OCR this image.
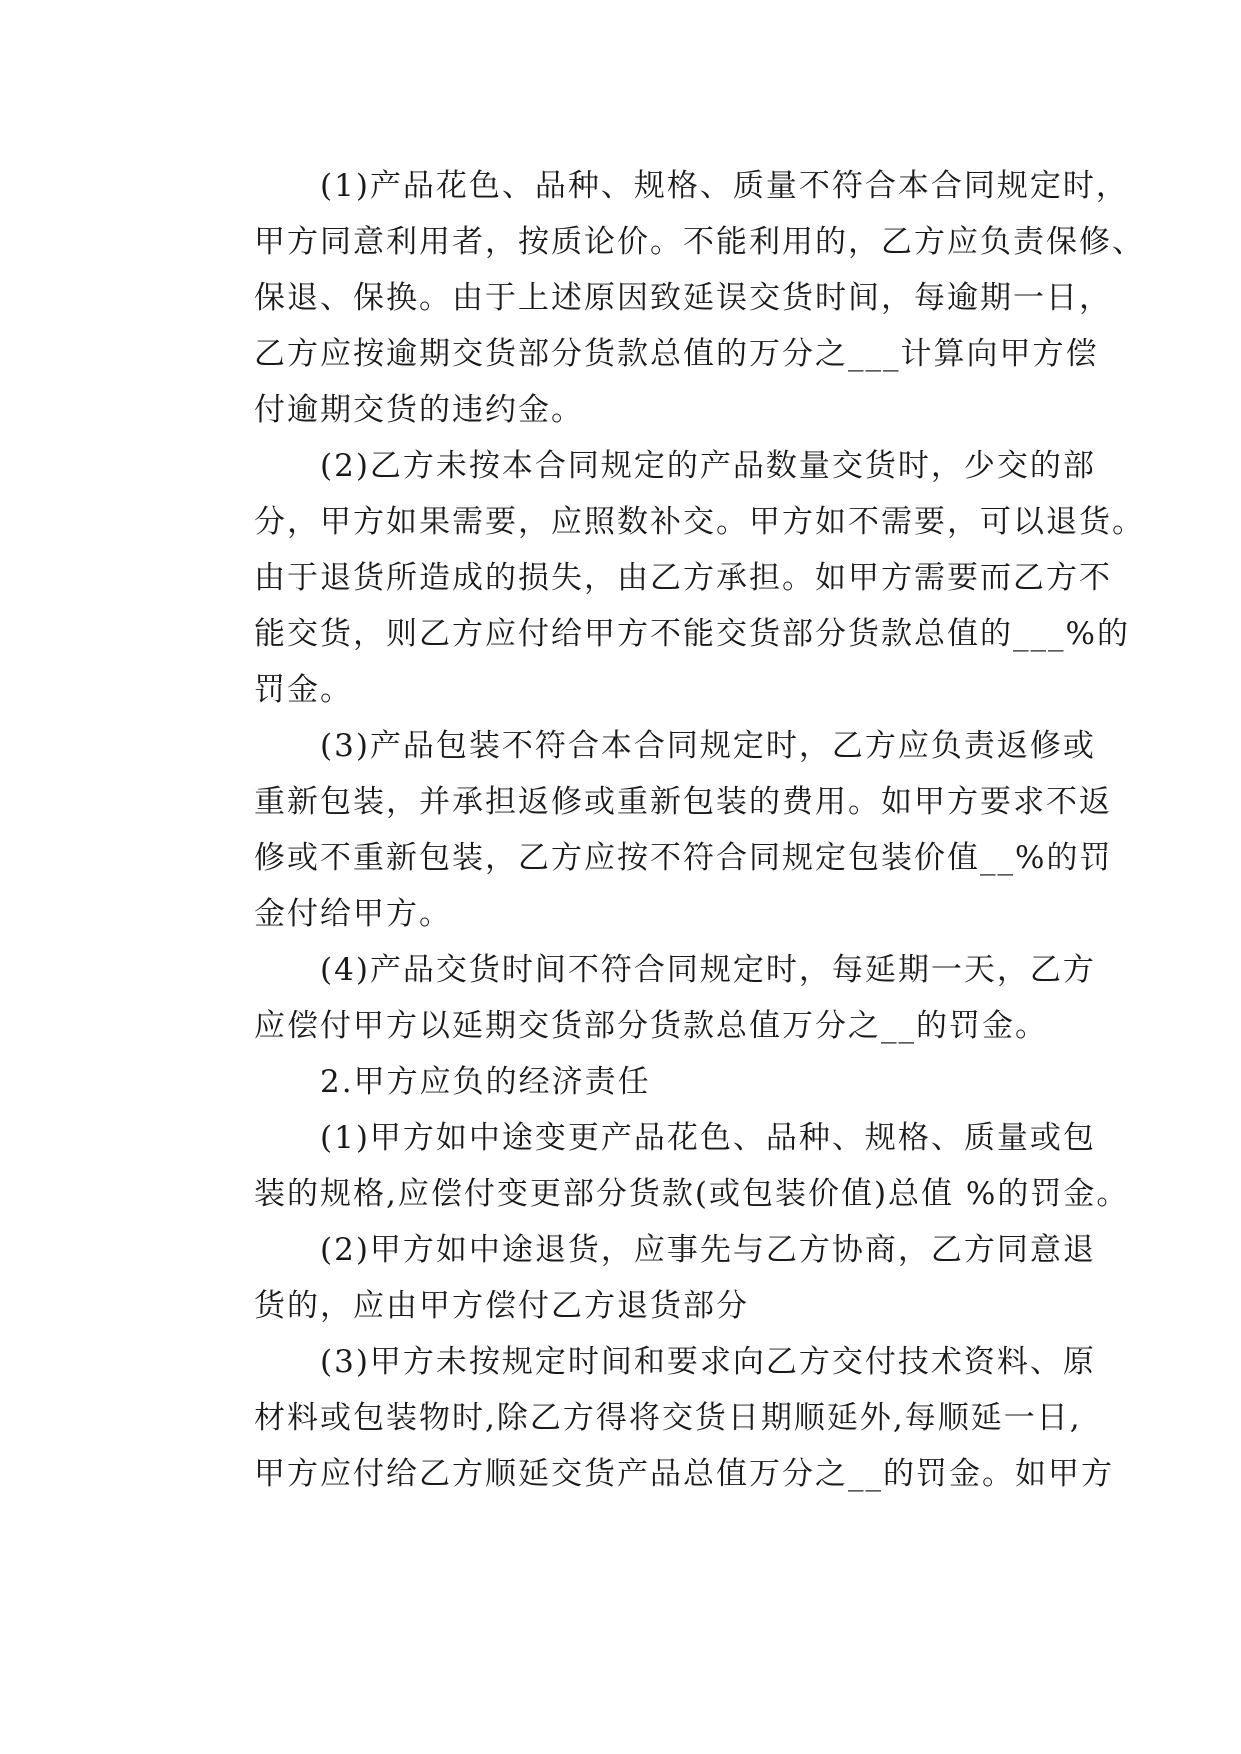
(1)产品花色、品种、规格、质量不符合本合同规定时，
甲方同意利用者，按质论价。不能利用的，乙方应负责保修、
保退、保换。由于上述原因致延误交货时间，每逾期一日，
乙方应按逾期交货部分货款总值的万分之___计算向甲方偿
付逾期交货的违约金。
(2)乙方未按本合同规定的产品数量交货时，少交的部
分，甲方如果需要，应照数补交。甲方如不需要，可以退货。
由于退货所造成的损失，由乙方承担。如甲方需要而乙方不
能交货，则乙方应付给甲方不能交货部分货款总值的___%的
罚金。
(3)产品包装不符合本合同规定时，乙方应负责返修或
重新包装，并承担返修或重新包装的费用。如甲方要求不返
修或不重新包装，乙方应按不符合同规定包装价值__%的罚
金付给甲方。
(4)产品交货时间不符合同规定时，每延期一天，乙方
应偿付甲方以延期交货部分货款总值万分之__的罚金。
2.甲方应负的经济责任
(1)甲方如中途变更产品花色、品种、规格、质量或包
装的规格,应偿付变更部分货款(或包装价值)总值 %的罚金。
(2)甲方如中途退货，应事先与乙方协商，乙方同意退
货的，应由甲方偿付乙方退货部分
(3)甲方未按规定时间和要求向乙方交付技术资料、原
材料或包装物时,除乙方得将交货日期顺延外,每顺延一日,
甲方应付给乙方顺延交货产品总值万分之__的罚金。如甲方
